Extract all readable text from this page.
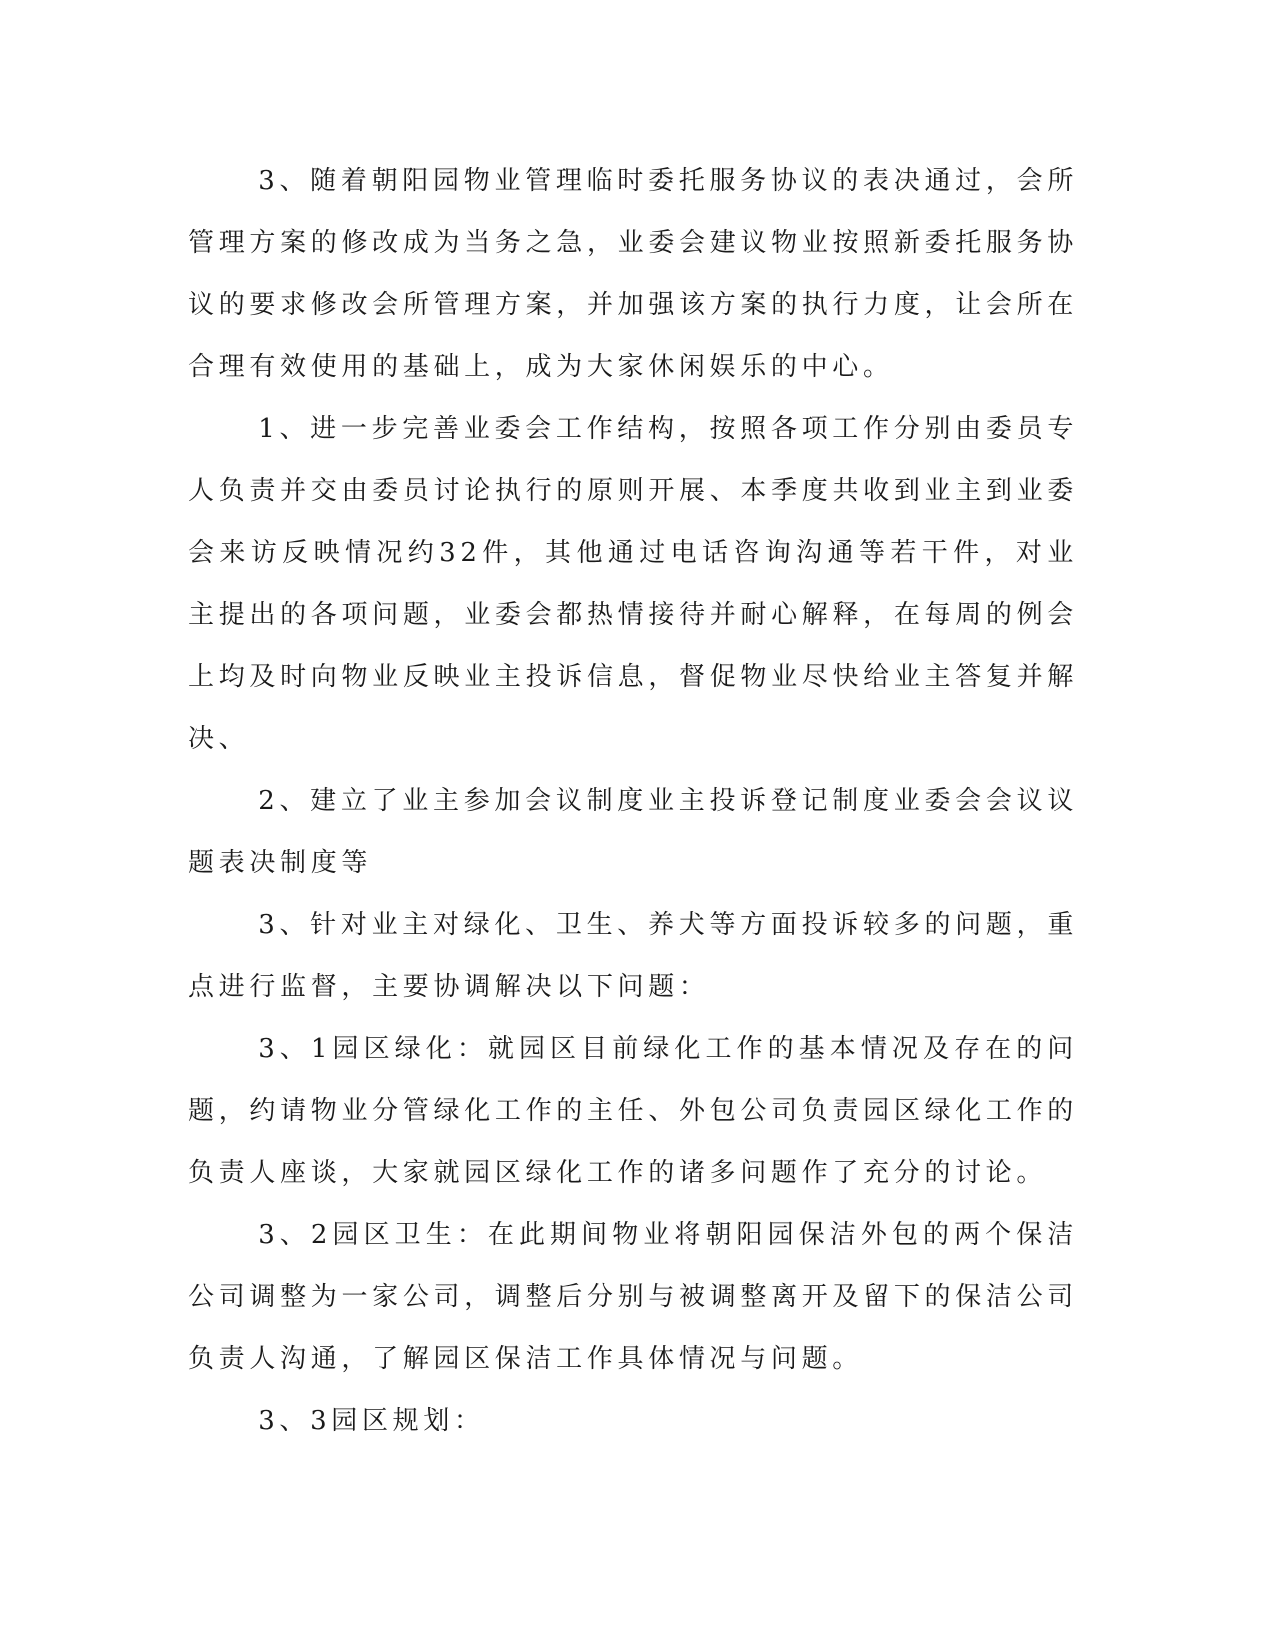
3、随着朝阳园物业管理临时委托服务协议的表决通过，会所管理方案的修改成为当务之急，业委会建议物业按照新委托服务协议的要求修改会所管理方案，并加强该方案的执行力度，让会所在合理有效使用的基础上，成为大家休闲娱乐的中心。

1、进一步完善业委会工作结构，按照各项工作分别由委员专人负责并交由委员讨论执行的原则开展、本季度共收到业主到业委会来访反映情况约32件，其他通过电话咨询沟通等若干件，对业主提出的各项问题，业委会都热情接待并耐心解释，在每周的例会上均及时向物业反映业主投诉信息，督促物业尽快给业主答复并解决、

2、建立了业主参加会议制度业主投诉登记制度业委会会议议题表决制度等

3、针对业主对绿化、卫生、养犬等方面投诉较多的问题，重点进行监督，主要协调解决以下问题：

3、1园区绿化：就园区目前绿化工作的基本情况及存在的问题，约请物业分管绿化工作的主任、外包公司负责园区绿化工作的负责人座谈，大家就园区绿化工作的诸多问题作了充分的讨论。

3、2园区卫生：在此期间物业将朝阳园保洁外包的两个保洁公司调整为一家公司，调整后分别与被调整离开及留下的保洁公司负责人沟通，了解园区保洁工作具体情况与问题。

3、3园区规划：
